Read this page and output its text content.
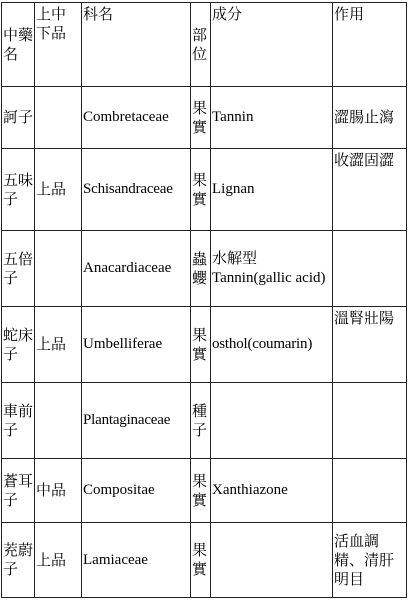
中藥名	上中下品	科名	部位	成分	作用
訶子		Combretaceae	果實	Tannin	澀腸止瀉
五味子	上品	Schisandraceae	果實	Lignan	收澀固澀
五倍子		Anacardiaceae	蟲蠳	水解型Tannin(gallic acid)	
蛇床子	上品	Umbelliferae	果實	osthol(coumarin)	溫腎壯陽
車前子		Plantaginaceae	種子		
蒼耳子	中品	Compositae	果實	Xanthiazone	
茺蔚子	上品	Lamiaceae	果實		活血調精、清肝明目
